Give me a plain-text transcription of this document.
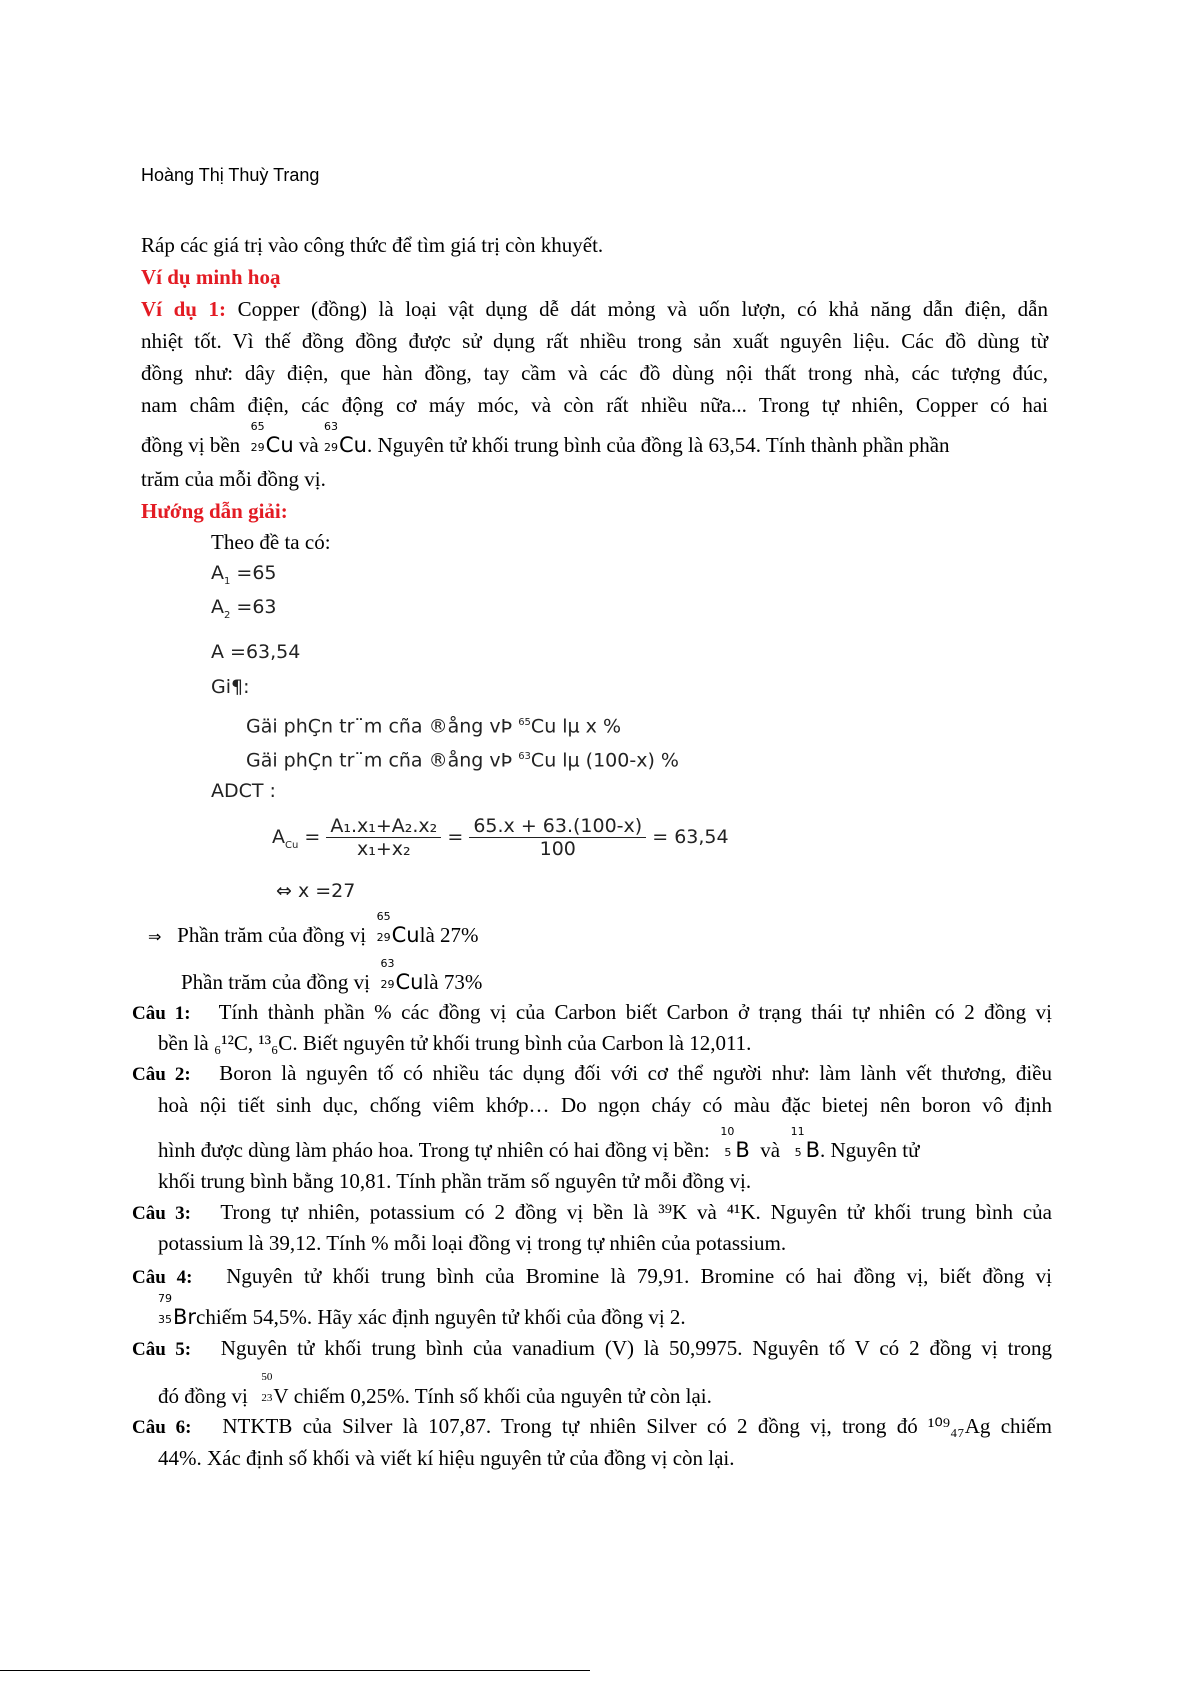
Hoàng Thị Thuỳ Trang
Ráp các giá trị vào công thức để tìm giá trị còn khuyết.
Ví dụ minh hoạ
Ví dụ 1: Copper (đồng) là loại vật dụng dễ dát mỏng và uốn lượn, có khả năng dẫn điện, dẫn
nhiệt tốt. Vì thế đồng đồng được sử dụng rất nhiều trong sản xuất nguyên liệu. Các đồ dùng từ
đồng như: dây điện, que hàn đồng, tay cầm và các đồ dùng nội thất trong nhà, các tượng đúc,
nam châm điện, các động cơ máy móc, và còn rất nhiều nữa... Trong tự nhiên, Copper có hai
đồng vị bền
65
29 Cu và
63
29 Cu. Nguyên tử khối trung bình của đồng là 63,54. Tính thành phần phần
trăm của mỗi đồng vị.
Hướng dẫn giải:
Theo đề ta có:
$A_1 =65$
$A_2 =63$
A =63,54
Gi¶:
Gäi phÇn tr¨m cña ®ång vÞ $^{65}$Cu lµ x %
Gäi phÇn tr¨m cña ®ång vÞ $^{63}$Cu lµ (100-x) %
ADCT :
$A_{Cu} = \frac{\text{A₁.x₁+A₂.x₂}}{\text{x₁+x₂}} = \frac{65.x + 63.(100-x)}{100} = 63,54$
⇔ x =27
⇒ Phần trăm của đồng vị
65
29 Culà 27%
Phần trăm của đồng vị
63
29 Culà 73%
Câu 1: Tính thành phần % các đồng vị của Carbon biết Carbon ở trạng thái tự nhiên có 2 đồng vị
bền là ₆¹²C, ¹³₆C. Biết nguyên tử khối trung bình của Carbon là 12,011.
Câu 2: Boron là nguyên tố có nhiều tác dụng đối với cơ thể người như: làm lành vết thương, điều
hoà nội tiết sinh dục, chống viêm khớp… Do ngọn cháy có màu đặc bietej nên boron vô định
hình được dùng làm pháo hoa. Trong tự nhiên có hai đồng vị bền:
10
5 B và
11
5 B. Nguyên tử
khối trung bình bằng 10,81. Tính phần trăm số nguyên tử mỗi đồng vị.
Câu 3: Trong tự nhiên, potassium có 2 đồng vị bền là ³⁹K và ⁴¹K. Nguyên tử khối trung bình của
potassium là 39,12. Tính % mỗi loại đồng vị trong tự nhiên của potassium.
Câu 4: Nguyên tử khối trung bình của Bromine là 79,91. Bromine có hai đồng vị, biết đồng vị
79
35 Brchiếm 54,5%. Hãy xác định nguyên tử khối của đồng vị 2.
Câu 5: Nguyên tử khối trung bình của vanadium (V) là 50,9975. Nguyên tố V có 2 đồng vị trong
đó đồng vị
50
23 V chiếm 0,25%. Tính số khối của nguyên tử còn lại.
Câu 6: NTKTB của Silver là 107,87. Trong tự nhiên Silver có 2 đồng vị, trong đó ¹⁰⁹₄₇Ag chiếm
44%. Xác định số khối và viết kí hiệu nguyên tử của đồng vị còn lại.
